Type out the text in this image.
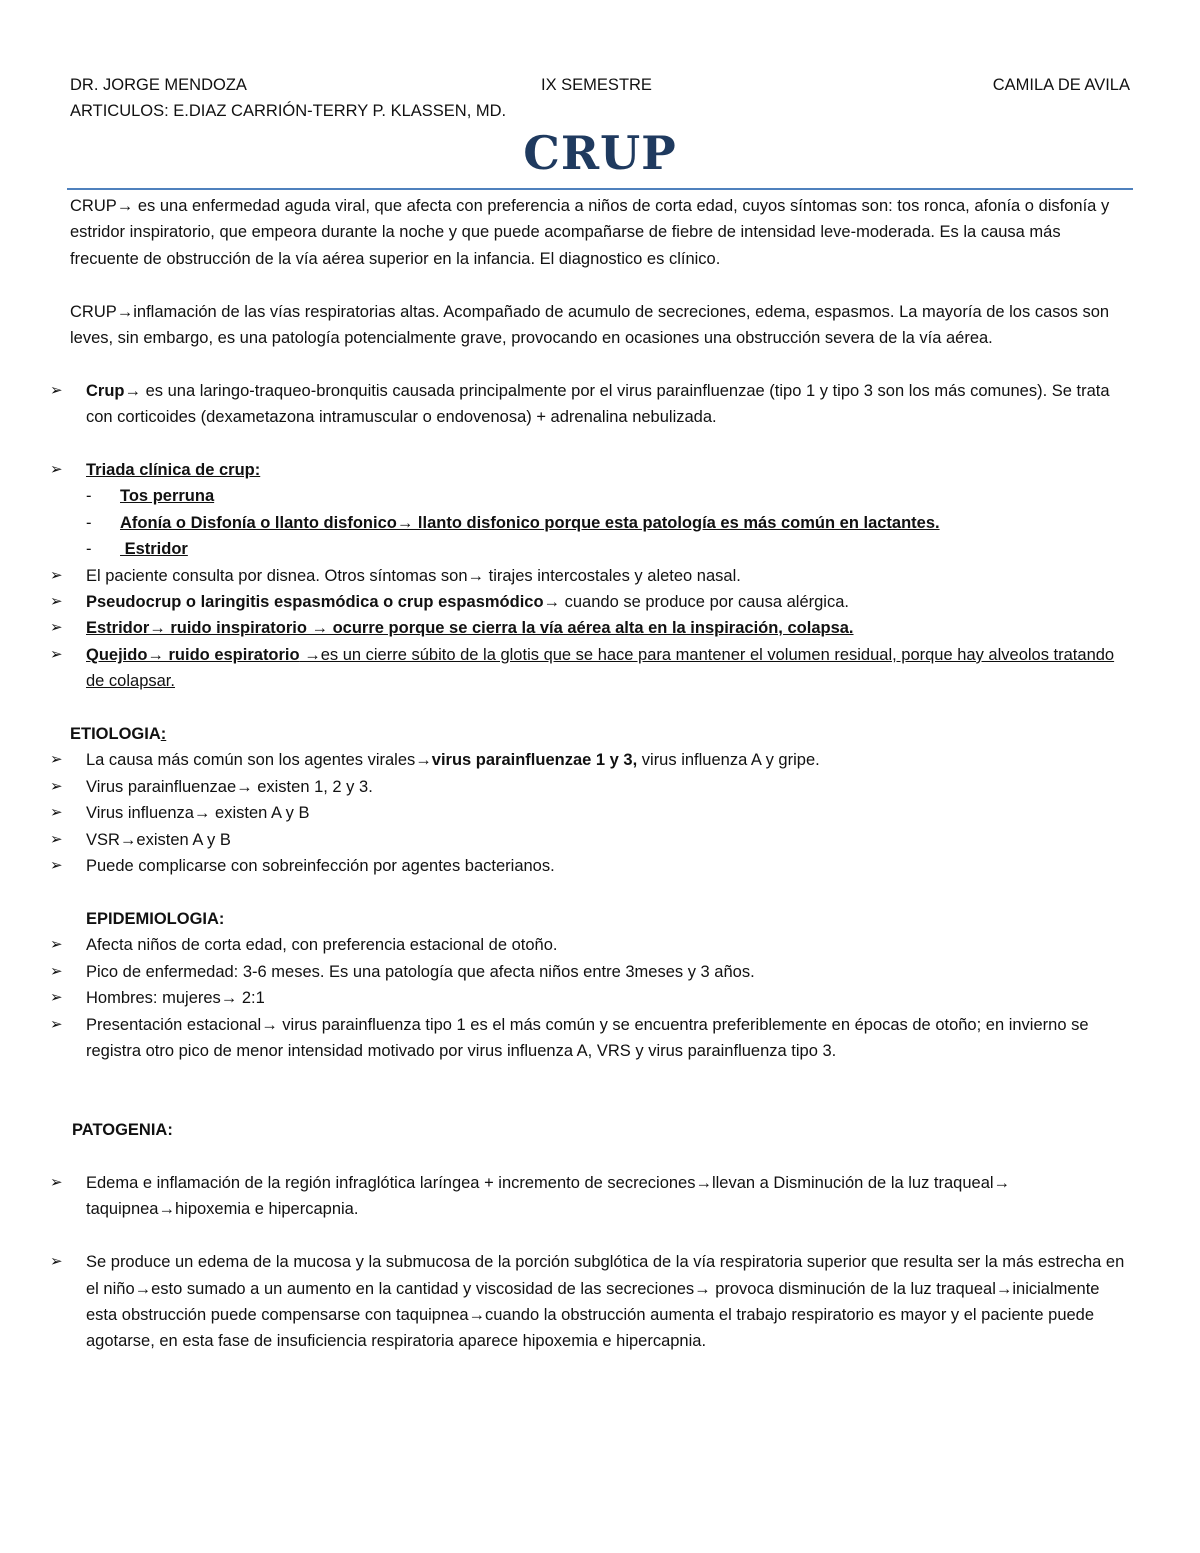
DR. JORGE MENDOZA	IX SEMESTRE	CAMILA DE AVILA
ARTICULOS: E.DIAZ CARRIÓN-TERRY P. KLASSEN, MD.
CRUP

CRUP→ es una enfermedad aguda viral, que afecta con preferencia a niños de corta edad, cuyos síntomas son: tos ronca, afonía o disfonía y estridor inspiratorio, que empeora durante la noche y que puede acompañarse de fiebre de intensidad leve-moderada. Es la causa más frecuente de obstrucción de la vía aérea superior en la infancia. El diagnostico es clínico.

CRUP→inflamación de las vías respiratorias altas. Acompañado de acumulo de secreciones, edema, espasmos. La mayoría de los casos son leves, sin embargo, es una patología potencialmente grave, provocando en ocasiones una obstrucción severa de la vía aérea.

➢ Crup→ es una laringo-traqueo-bronquitis causada principalmente por el virus parainfluenzae (tipo 1 y tipo 3 son los más comunes). Se trata con corticoides (dexametazona intramuscular o endovenosa) + adrenalina nebulizada.
➢ Triada clínica de crup:
- Tos perruna
- Afonía o Disfonía o llanto disfonico→ llanto disfonico porque esta patología es más común en lactantes.
- Estridor
➢ El paciente consulta por disnea. Otros síntomas son→ tirajes intercostales y aleteo nasal.
➢ Pseudocrup o laringitis espasmódica o crup espasmódico→ cuando se produce por causa alérgica.
➢ Estridor→ ruido inspiratorio → ocurre porque se cierra la vía aérea alta en la inspiración, colapsa.
➢ Quejido→ ruido espiratorio →es un cierre súbito de la glotis que se hace para mantener el volumen residual, porque hay alveolos tratando de colapsar.
ETIOLOGIA:
➢ La causa más común son los agentes virales→virus parainfluenzae 1 y 3, virus influenza A y gripe.
➢ Virus parainfluenzae→ existen 1, 2 y 3.
➢ Virus influenza→ existen A y B
➢ VSR→existen A y B
➢ Puede complicarse con sobreinfección por agentes bacterianos.
EPIDEMIOLOGIA:
➢ Afecta niños de corta edad, con preferencia estacional de otoño.
➢ Pico de enfermedad: 3-6 meses. Es una patología que afecta niños entre 3meses y 3 años.
➢ Hombres: mujeres→ 2:1
➢ Presentación estacional→ virus parainfluenza tipo 1 es el más común y se encuentra preferiblemente en épocas de otoño; en invierno se registra otro pico de menor intensidad motivado por virus influenza A, VRS y virus parainfluenza tipo 3.
PATOGENIA:
➢ Edema e inflamación de la región infraglótica laríngea + incremento de secreciones→llevan a Disminución de la luz traqueal→ taquipnea→hipoxemia e hipercapnia.
➢ Se produce un edema de la mucosa y la submucosa de la porción subglótica de la vía respiratoria superior que resulta ser la más estrecha en el niño→esto sumado a un aumento en la cantidad y viscosidad de las secreciones→ provoca disminución de la luz traqueal→inicialmente esta obstrucción puede compensarse con taquipnea→cuando la obstrucción aumenta el trabajo respiratorio es mayor y el paciente puede agotarse, en esta fase de insuficiencia respiratoria aparece hipoxemia e hipercapnia.
